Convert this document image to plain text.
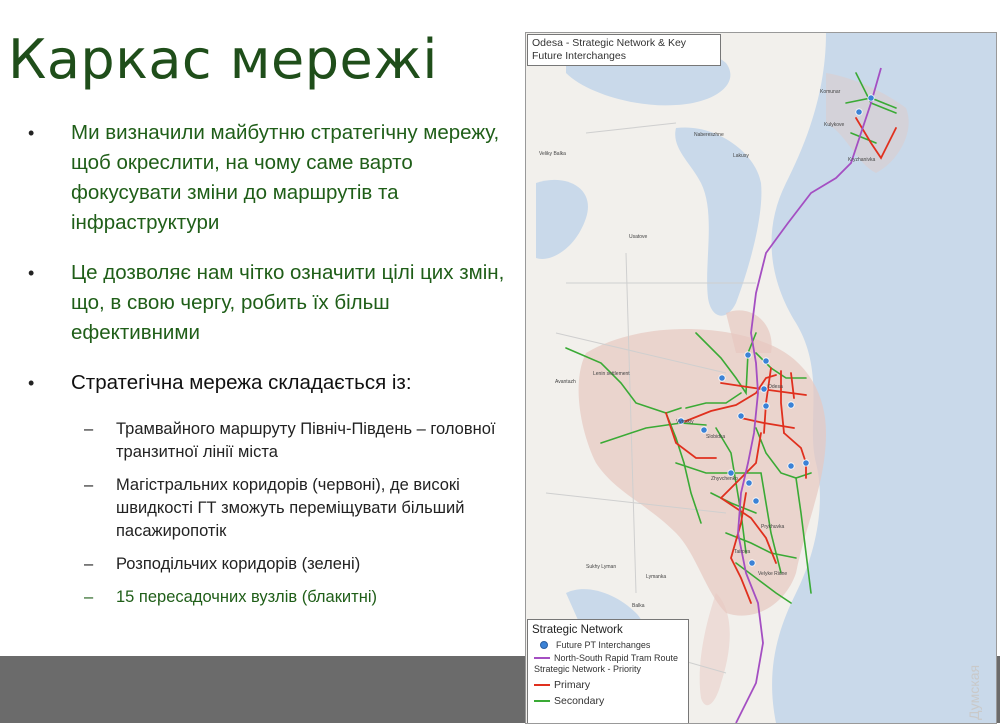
Каркас мережі
• Ми визначили майбутню стратегічну мережу, щоб окреслити, на чому саме варто фокусувати зміни до маршрутів та інфраструктури
• Це дозволяє нам чітко означити цілі цих змін, що, в свою чергу, робить їх більш ефективними
• Стратегічна мережа складається із:
– Трамвайного маршруту Північ-Південь – головної транзитної лінії міста
– Магістральних коридорів (червоні), де високі швидкості ГТ зможуть переміщувати більший пасажиропотік
– Розподільчих коридорів (зелені)
– 15 пересадочних вузлів (блакитні)
Komunar
Kulykove
Nabereszhne
Lakusy
Kryzhanivka
Veliky Balka
Usatove
Avantazh
Lenin settlement
Vyrrskiy
Odesa
Slobidka
Zhyvchenko
Prykhuvka
Tairova
Sukhy Lyman
Lymanka
Balka
Velyke Ridne
Odesa - Strategic Network & Key Future Interchanges
Strategic Network
Future PT Interchanges
North-South Rapid Tram Route
Strategic Network - Priority
Primary
Secondary	Думская
